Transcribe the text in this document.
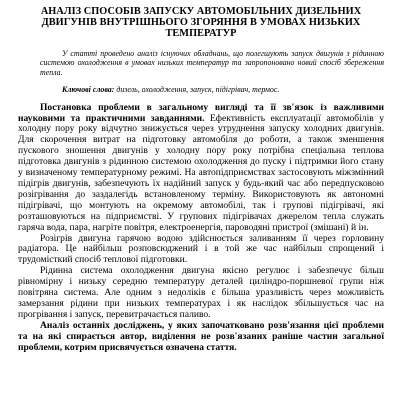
АНАЛІЗ СПОСОБІВ ЗАПУСКУ АВТОМОБІЛЬНИХ ДИЗЕЛЬНИХ ДВИГУНІВ ВНУТРІШНЬОГО ЗГОРЯННЯ В УМОВАХ НИЗЬКИХ ТЕМПЕРАТУР

У статті проведено аналіз існуючих обладнань, що полегшують запуск двигунів з рідинною системою охолодження в умовах низьких температур та запропоновано новий спосіб збереження тепла.

Ключові слова: дизель, охолодження, запуск, підігрівач, термос.

Постановка проблеми в загальному вигляді та її зв'язок із важливими науковими та практичними завданнями. Ефективність експлуатації автомобілів у холодну пору року відчутно знижується через утруднення запуску холодних двигунів. Для скорочення витрат на підготовку автомобіля до роботи, а також зменшення пускового зношення двигунів у холодну пору року потрібна спеціальна теплова підготовка двигунів з рідинною системою охолодження до пуску і підтримки його стану у визначеному температурному режимі. На автопідприємствах застосовують міжзмінний підігрів двигунів, забезпечують їх надійний запуск у будь-який час або передпусковою розігрівання до заздалегідь встановленому терміну. Використовують як автономні підігрівачі, що монтують на окремому автомобілі, так і групові підігрівачі, які розташовуються на підприємстві. У групових підігрівачах джерелом тепла служать гаряча вода, пара, нагріте повітря, електроенергія, пароводяні пристрої (змішані) й ін.

Розігрів двигуна гарячою водою здійснюється заливанням її через горловину радіатора. Це найбільш розповсюджений і в той же час найбільш спрощений і трудомісткий спосіб теплової підготовки.

Рідинна система охолодження двигуна якісно регулює і забезпечує більш рівномірну і низьку середню температуру деталей циліндро-поршневої групи ніж повітряна система. Але одним з недоліків є більша уразливість через можливість замерзання рідини при низьких температурах і як наслідок збільшується час на прогрівання і запуск, перевитрачається паливо.

Аналіз останніх досліджень, у яких започатковано розв'язання цієї проблеми та на які спирається автор, виділення не розв'язаних раніше частин загальної проблеми, котрим присвячується означена стаття.
